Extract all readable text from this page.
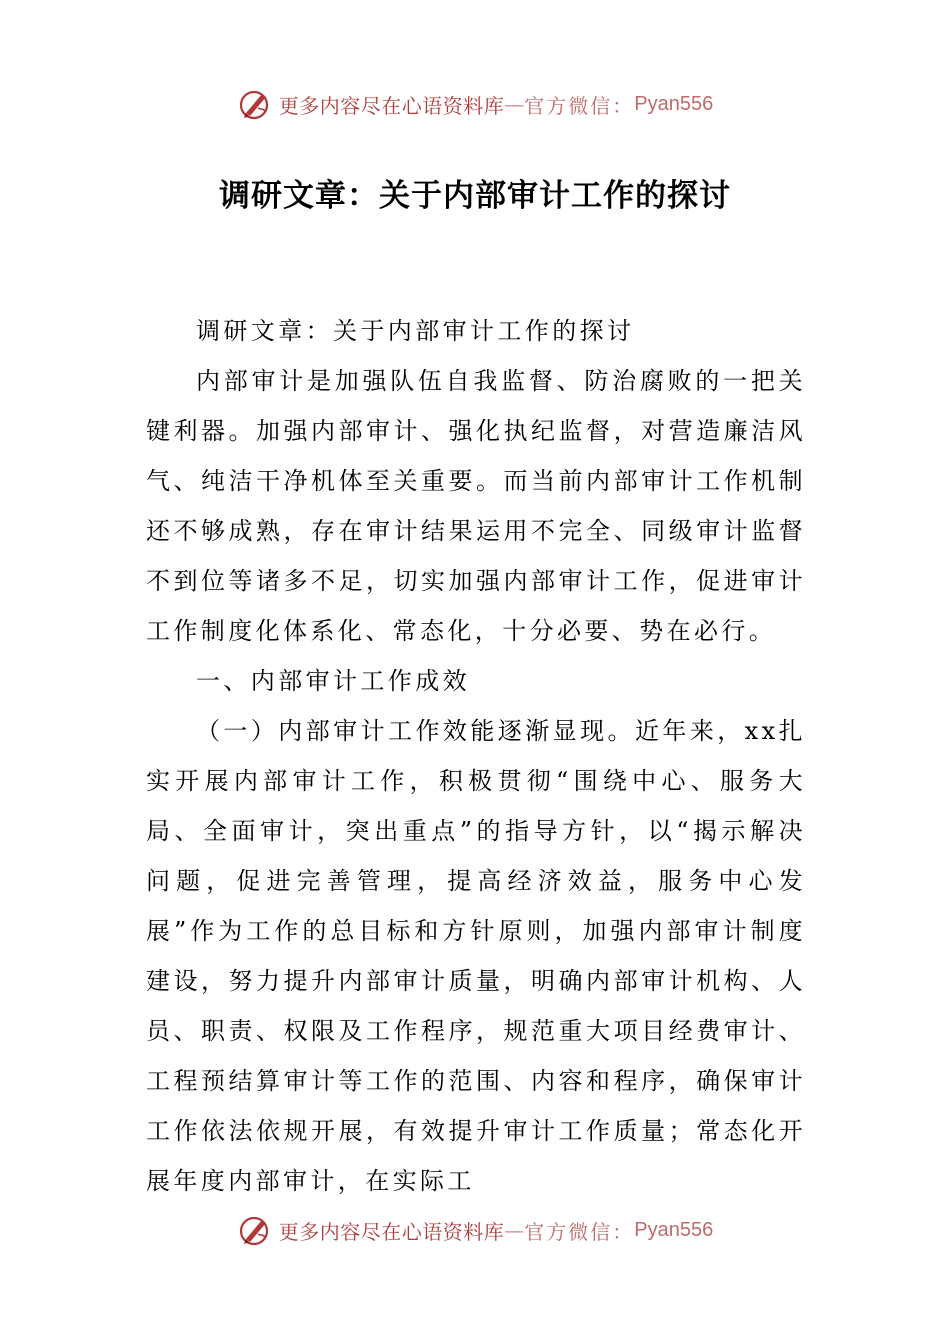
更多内容尽在心语资料库 — 官方微信： Pyan556
调研文章：关于内部审计工作的探讨

调研文章：关于内部审计工作的探讨

内部审计是加强队伍自我监督、防治腐败的一把关键利器。加强内部审计、强化执纪监督，对营造廉洁风气、纯洁干净机体至关重要。而当前内部审计工作机制还不够成熟，存在审计结果运用不完全、同级审计监督不到位等诸多不足，切实加强内部审计工作，促进审计工作制度化体系化、常态化，十分必要、势在必行。

一、内部审计工作成效

（一）内部审计工作效能逐渐显现。近年来，xx扎实开展内部审计工作，积极贯彻“围绕中心、服务大局、全面审计，突出重点”的指导方针，以“揭示解决问题，促进完善管理，提高经济效益，服务中心发展”作为工作的总目标和方针原则，加强内部审计制度建设，努力提升内部审计质量，明确内部审计机构、人员、职责、权限及工作程序，规范重大项目经费审计、工程预结算审计等工作的范围、内容和程序，确保审计工作依法依规开展，有效提升审计工作质量；常态化开展年度内部审计，在实际工

更多内容尽在心语资料库 — 官方微信： Pyan556
